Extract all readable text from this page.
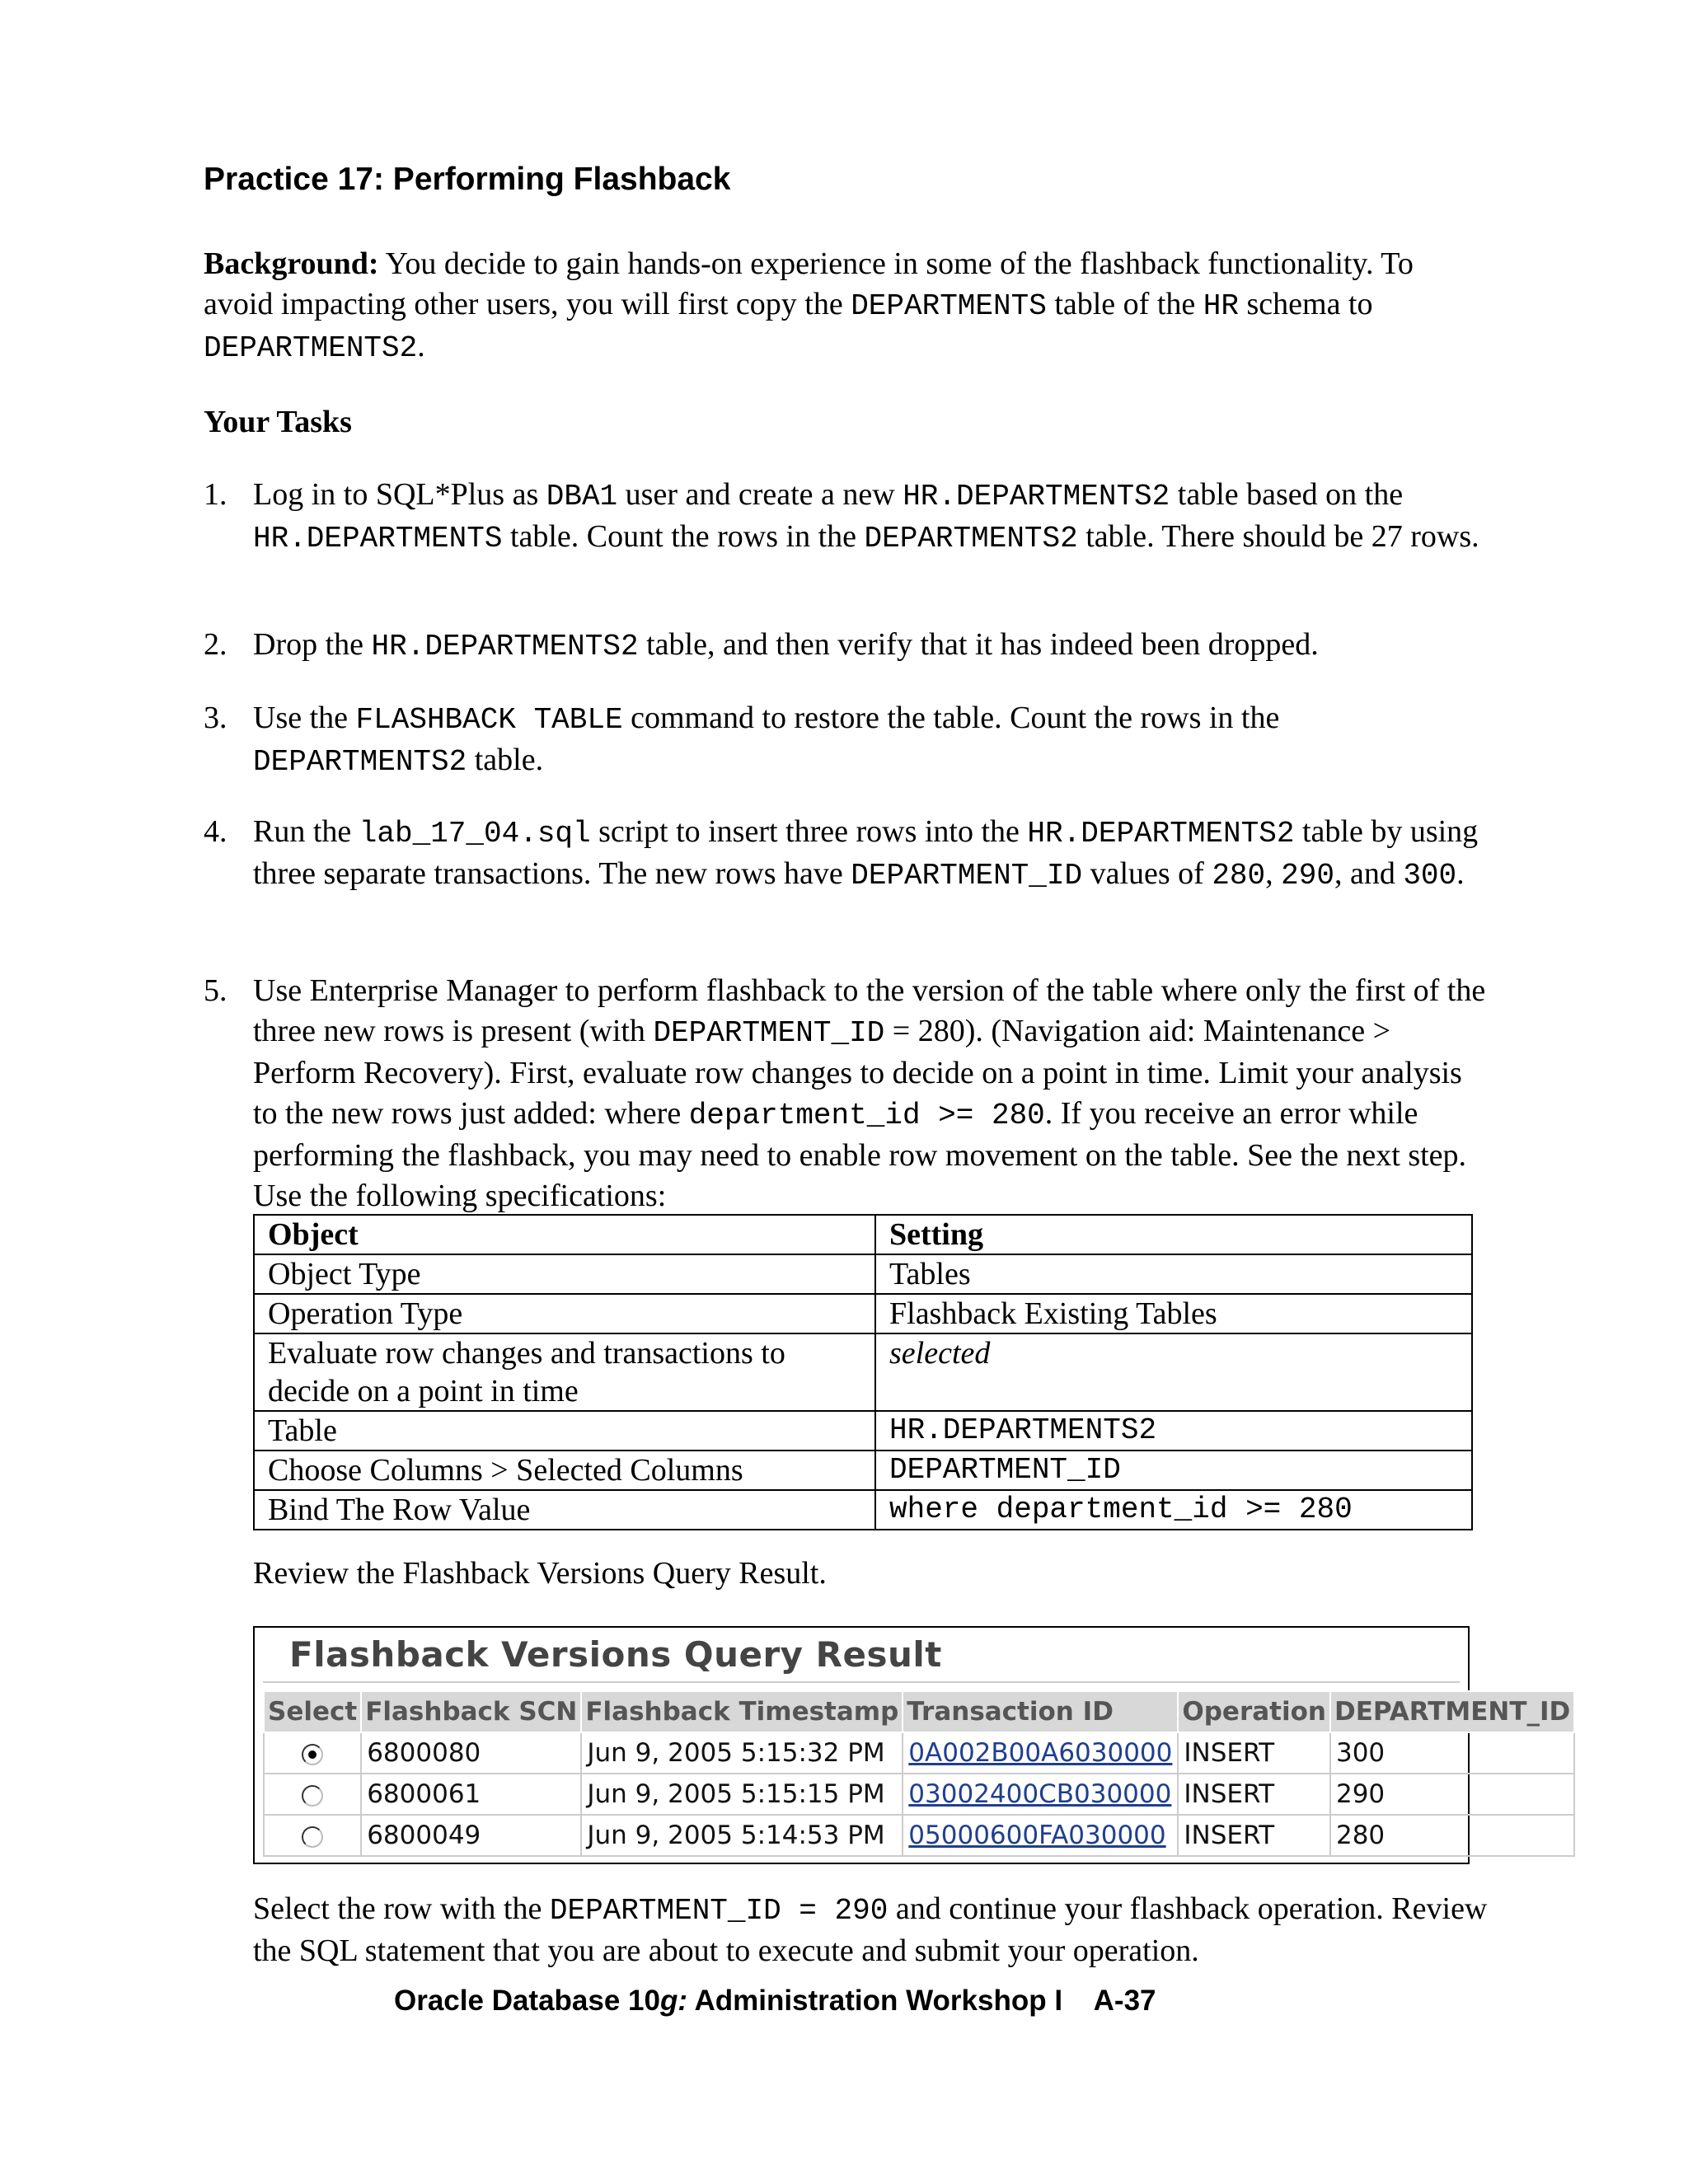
Practice 17: Performing Flashback
Background: You decide to gain hands-on experience in some of the flashback functionality. To avoid impacting other users, you will first copy the DEPARTMENTS table of the HR schema to DEPARTMENTS2.
Your Tasks
1. Log in to SQL*Plus as DBA1 user and create a new HR.DEPARTMENTS2 table based on the HR.DEPARTMENTS table. Count the rows in the DEPARTMENTS2 table. There should be 27 rows.
2. Drop the HR.DEPARTMENTS2 table, and then verify that it has indeed been dropped.
3. Use the FLASHBACK TABLE command to restore the table. Count the rows in the DEPARTMENTS2 table.
4. Run the lab_17_04.sql script to insert three rows into the HR.DEPARTMENTS2 table by using three separate transactions. The new rows have DEPARTMENT_ID values of 280, 290, and 300.
5. Use Enterprise Manager to perform flashback to the version of the table where only the first of the three new rows is present (with DEPARTMENT_ID = 280). (Navigation aid: Maintenance > Perform Recovery). First, evaluate row changes to decide on a point in time. Limit your analysis to the new rows just added: where department_id >= 280. If you receive an error while performing the flashback, you may need to enable row movement on the table. See the next step. Use the following specifications:
Object	Setting
Object Type	Tables
Operation Type	Flashback Existing Tables
Evaluate row changes and transactions to decide on a point in time	selected
Table	HR.DEPARTMENTS2
Choose Columns > Selected Columns	DEPARTMENT_ID
Bind The Row Value	where department_id >= 280
Review the Flashback Versions Query Result.
Flashback Versions Query Result
Select	Flashback SCN	Flashback Timestamp	Transaction ID	Operation	DEPARTMENT_ID
	6800080	Jun 9, 2005 5:15:32 PM	0A002B00A6030000	INSERT	300
	6800061	Jun 9, 2005 5:15:15 PM	03002400CB030000	INSERT	290
	6800049	Jun 9, 2005 5:14:53 PM	05000600FA030000	INSERT	280
Select the row with the DEPARTMENT_ID = 290 and continue your flashback operation. Review the SQL statement that you are about to execute and submit your operation.
Oracle Database 10g: Administration Workshop I    A-37
